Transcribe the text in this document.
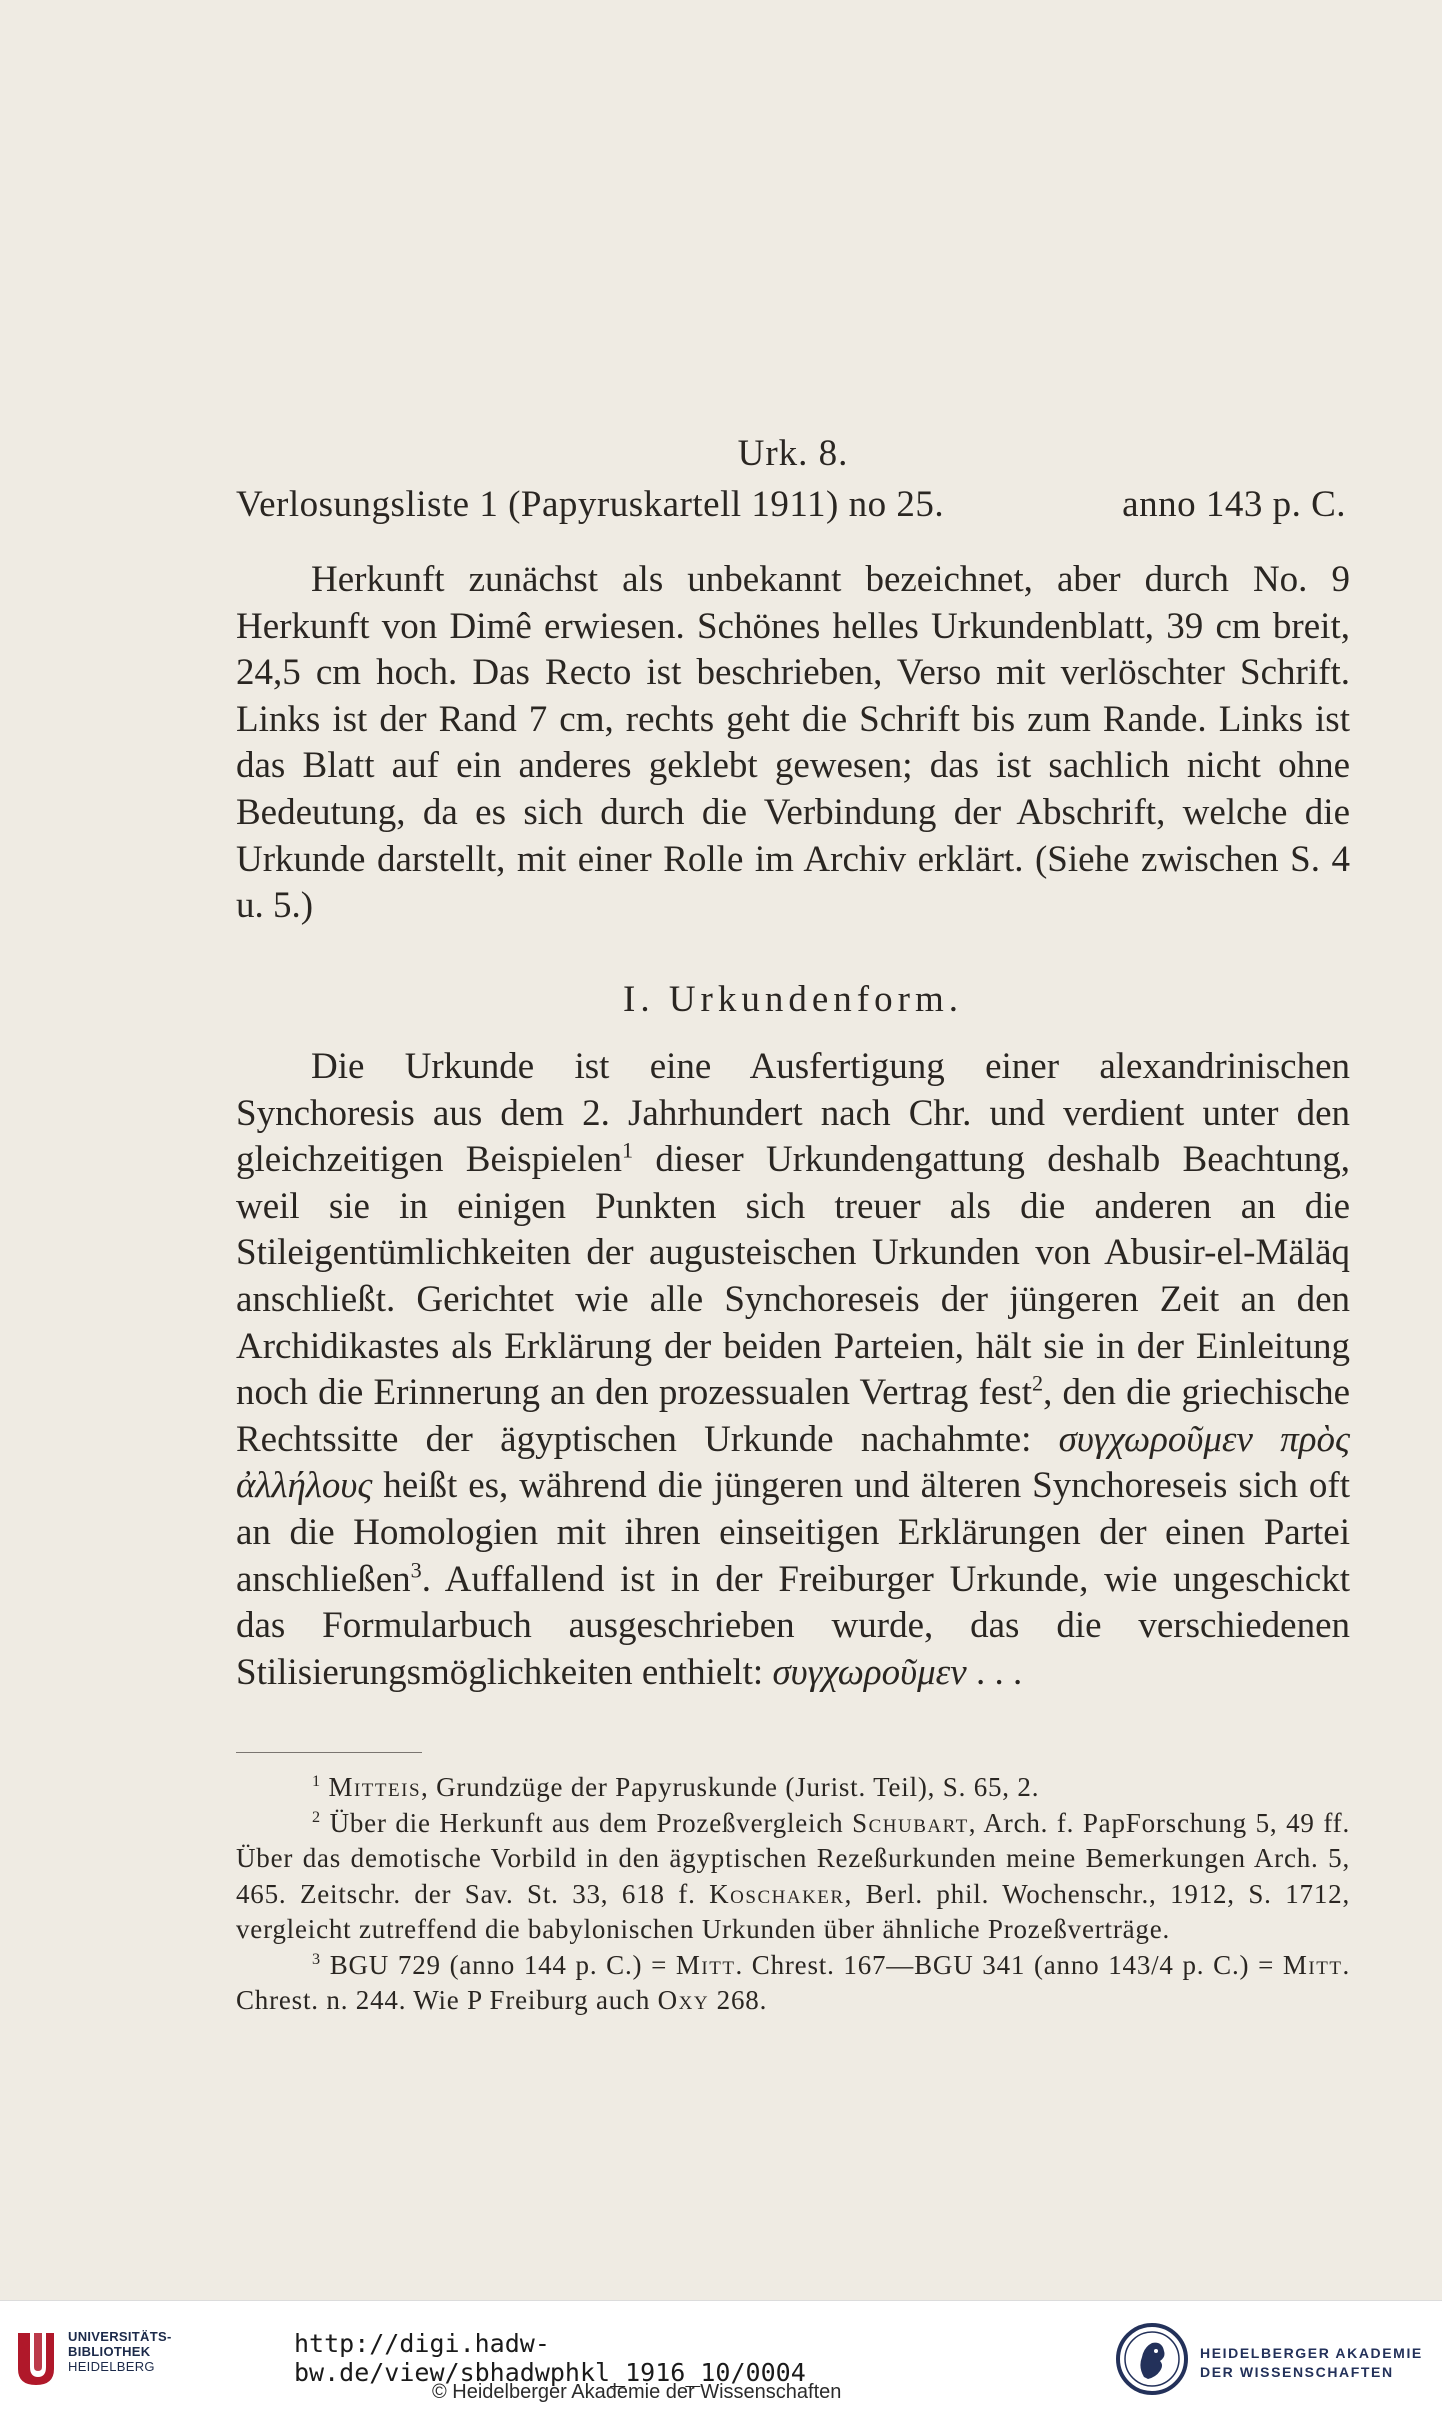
Urk. 8.
Verlosungsliste 1 (Papyruskartell 1911) no 25.	anno 143 p. C.

Herkunft zunächst als unbekannt bezeichnet, aber durch No. 9 Herkunft von Dimê erwiesen. Schönes helles Urkundenblatt, 39 cm breit, 24,5 cm hoch. Das Recto ist beschrieben, Verso mit verlöschter Schrift. Links ist der Rand 7 cm, rechts geht die Schrift bis zum Rande. Links ist das Blatt auf ein anderes geklebt gewesen; das ist sachlich nicht ohne Bedeutung, da es sich durch die Verbindung der Abschrift, welche die Urkunde darstellt, mit einer Rolle im Archiv erklärt. (Siehe zwischen S. 4 u. 5.)

I. Urkundenform.

Die Urkunde ist eine Ausfertigung einer alexandrinischen Synchoresis aus dem 2. Jahrhundert nach Chr. und verdient unter den gleichzeitigen Beispielen$^1$ dieser Urkundengattung deshalb Beachtung, weil sie in einigen Punkten sich treuer als die anderen an die Stileigentümlichkeiten der augusteischen Urkunden von Abusir-el-Mäläq anschließt. Gerichtet wie alle Synchoreseis der jüngeren Zeit an den Archidikastes als Erklärung der beiden Parteien, hält sie in der Einleitung noch die Erinnerung an den prozessualen Vertrag fest$^2$, den die griechische Rechtssitte der ägyptischen Urkunde nachahmte: συγχωροῦμεν πρὸς ἀλλήλους heißt es, während die jüngeren und älteren Synchoreseis sich oft an die Homologien mit ihren einseitigen Erklärungen der einen Partei anschließen$^3$. Auffallend ist in der Freiburger Urkunde, wie ungeschickt das Formularbuch ausgeschrieben wurde, das die verschiedenen Stilisierungsmöglichkeiten enthielt: συγχωροῦμεν . . .

$^1$ Mitteis, Grundzüge der Papyruskunde (Jurist. Teil), S. 65, 2.

$^2$ Über die Herkunft aus dem Prozeßvergleich Schubart, Arch. f. PapForschung 5, 49 ff. Über das demotische Vorbild in den ägyptischen Rezeßurkunden meine Bemerkungen Arch. 5, 465. Zeitschr. der Sav. St. 33, 618 f. Koschaker, Berl. phil. Wochenschr., 1912, S. 1712, vergleicht zutreffend die babylonischen Urkunden über ähnliche Prozeßverträge.

$^3$ BGU 729 (anno 144 p. C.) = Mitt. Chrest. 167—BGU 341 (anno 143/4 p. C.) = Mitt. Chrest. n. 244. Wie P Freiburg auch Oxy 268.

UNIVERSITÄTS-
BIBLIOTHEK
HEIDELBERG
http://digi.hadw-bw.de/view/sbhadwphkl_1916_10/0004
© Heidelberger Akademie der Wissenschaften
HEIDELBERGER AKADEMIE
DER WISSENSCHAFTEN
